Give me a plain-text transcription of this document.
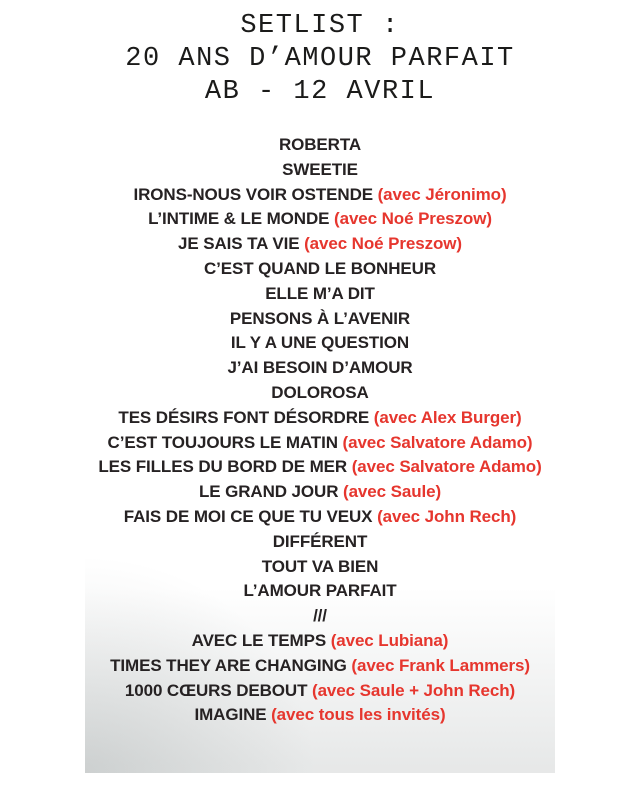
SETLIST :
20 ANS D’AMOUR PARFAIT
AB - 12 AVRIL
ROBERTA
SWEETIE
IRONS-NOUS VOIR OSTENDE (avec Jéronimo)
L’INTIME & LE MONDE (avec Noé Preszow)
JE SAIS TA VIE (avec Noé Preszow)
C’EST QUAND LE BONHEUR
ELLE M’A DIT
PENSONS À L’AVENIR
IL Y A UNE QUESTION
J’AI BESOIN D’AMOUR
DOLOROSA
TES DÉSIRS FONT DÉSORDRE (avec Alex Burger)
C’EST TOUJOURS LE MATIN (avec Salvatore Adamo)
LES FILLES DU BORD DE MER (avec Salvatore Adamo)
LE GRAND JOUR (avec Saule)
FAIS DE MOI CE QUE TU VEUX (avec John Rech)
DIFFÉRENT
TOUT VA BIEN
L’AMOUR PARFAIT
///
AVEC LE TEMPS (avec Lubiana)
TIMES THEY ARE CHANGING (avec Frank Lammers)
1000 CŒURS DEBOUT (avec Saule + John Rech)
IMAGINE (avec tous les invités)
